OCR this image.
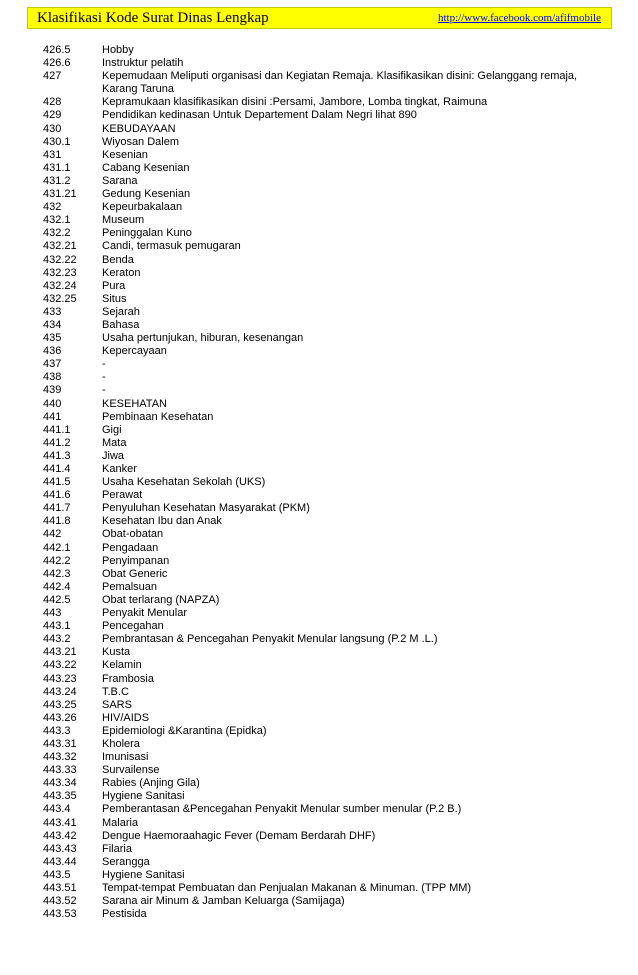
Klasifikasi Kode Surat Dinas Lengkap	http://www.facebook.com/afifmobile
426.5	Hobby
426.6	Instruktur pelatih
427	Kepemudaan Meliputi organisasi dan Kegiatan Remaja. Klasifikasikan disini: Gelanggang remaja, Karang Taruna
428	Kepramukaan klasifikasikan disini :Persami, Jambore, Lomba tingkat, Raimuna
429	Pendidikan kedinasan Untuk Departement Dalam Negri lihat 890
430	KEBUDAYAAN
430.1	Wiyosan Dalem
431	Kesenian
431.1	Cabang Kesenian
431.2	Sarana
431.21 Gedung Kesenian
432	Kepeurbakalaan
432.1	Museum
432.2	Peninggalan Kuno
432.21 Candi, termasuk pemugaran
432.22 Benda
432.23 Keraton
432.24 Pura
432.25 Situs
433	Sejarah
434	Bahasa
435	Usaha pertunjukan, hiburan, kesenangan
436	Kepercayaan
437	-
438	-
439	-
440	KESEHATAN
441	Pembinaan Kesehatan
441.1	Gigi
441.2	Mata
441.3	Jiwa
441.4	Kanker
441.5	Usaha Kesehatan Sekolah (UKS)
441.6	Perawat
441.7	Penyuluhan Kesehatan Masyarakat (PKM)
441.8	Kesehatan Ibu dan Anak
442	Obat-obatan
442.1	Pengadaan
442.2	Penyimpanan
442.3	Obat Generic
442.4	Pemalsuan
442.5	Obat terlarang (NAPZA)
443	Penyakit Menular
443.1	Pencegahan
443.2	Pembrantasan & Pencegahan Penyakit Menular langsung (P.2 M .L.)
443.21 Kusta
443.22 Kelamin
443.23 Frambosia
443.24 T.B.C
443.25 SARS
443.26 HIV/AIDS
443.3	Epidemiologi &Karantina (Epidka)
443.31 Kholera
443.32 Imunisasi
443.33 Survailense
443.34 Rabies (Anjing Gila)
443.35 Hygiene Sanitasi
443.4	Pemberantasan &Pencegahan Penyakit Menular sumber menular (P.2 B.)
443.41 Malaria
443.42 Dengue Haemoraahagic Fever (Demam Berdarah DHF)
443.43 Filaria
443.44 Serangga
443.5	Hygiene Sanitasi
443.51 Tempat-tempat Pembuatan dan Penjualan Makanan & Minuman. (TPP MM)
443.52 Sarana air Minum & Jamban Keluarga (Samijaga)
443.53 Pestisida
